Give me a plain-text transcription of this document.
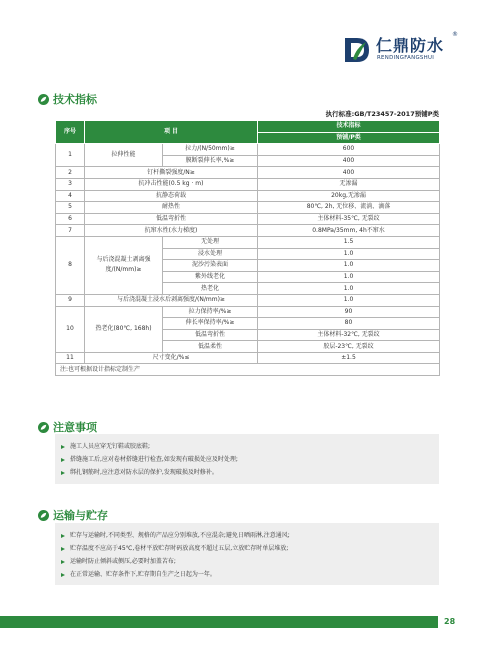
仁鼎防水
®
RENDINGFANGSHUI
技术指标
执行标准:GB/T23457-2017预铺P类
序号	项 目		技术指标
			预铺/P类
1	拉伸性能	拉力/(N/50mm)≥	600
		膜断裂伸长率,%≥	400
2	钉杆撕裂强度/N≥		400
3	抗冲击性能(0.5 kg · m)		无渗漏
4	抗静态荷载		20kg,无渗漏
5	耐热性		80℃, 2h, 无位移、流淌、滴落
6	低温弯折性		主体材料-35℃, 无裂纹
7	抗窜水性(水力梯度)		0.8MPa/35mm, 4h不窜水
8	与后浇混凝土剥离强度/(N/mm)≥	无处理	1.5
		浸水处理	1.0
		泥沙污染表面	1.0
		紫外线老化	1.0
		热老化	1.0
9	与后浇混凝土浸水后剥离强度/(N/mm)≥		1.0
10	热老化(80℃, 168h)	拉力保持率/%≥	90
		伸长率保持率/%≥	80
		低温弯折性	主体材料-32℃, 无裂纹
		低温柔性	胶层-23℃, 无裂纹
11	尺寸变化/%≤		±1.5
注:也可根据设计指标定制生产			
注意事项
施工人员应穿无钉鞋或胶底鞋;
搭缝施工后,应对卷材搭缝进行检查,如发现有破损处应及时处理;
绑扎钢筋时,应注意对防水层的保护,发现破损及时修补。
运输与贮存
贮存与运输时,不同类型、规格的产品应分别堆放,不应混杂;避免日晒雨淋,注意通风;
贮存温度不应高于45℃,卷材平放贮存时码放高度不超过五层,立放贮存时单层堆放;
运输时防止倾斜或侧压,必要时加盖苫布;
在正常运输、贮存条件下,贮存期自生产之日起为一年。
28
